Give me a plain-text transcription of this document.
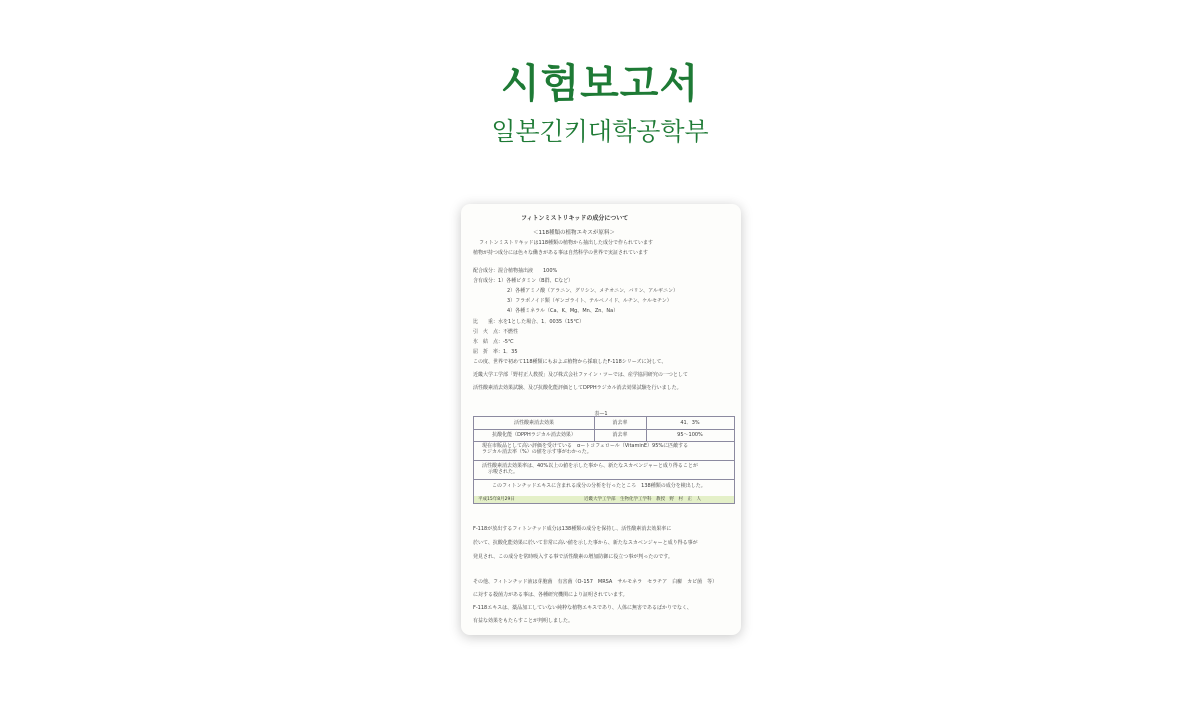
시험보고서
일본긴키대학공학부
フィトンミストリキッドの成分について
＜118種類の植物エキスが原料＞
フィトンミストリキッドは118種類の植物から抽出した成分で作られています
植物が持つ成分には色々な働きがある事は自然科学の世界で実証されています
配合成分：混合植物抽出液　　100%
含有成分：1）各種ビタミン（B群、Cなど）
2）各種アミノ酸（アラニン、グリシン、メチオニン、バリン、アルギニン）
3）フラボノイド類（ギンゴライト、テルペノイド、ルチン、ケルセチン）
4）各種ミネラル（Ca、K、Mg、Mn、Zn、Na）
比　　重：水を1とした場合、1．0035（15℃）
引　火　点：不燃性
氷　結　点：-5℃
屈　折　率：1．35
この度、世界で初めて118種類にもおよぶ植物から採取したF-118シリーズに対して、
近畿大学工学部「野村正人教授」及び株式会社ファイン・ツーでは、産学協同研究の一つとして
活性酸素消去効果試験、及び抗酸化能評価としてDPPHラジカル消去効果試験を行いました。
表—1
活性酸素消去効果	消去率	41．3%
抗酸化能（DPPHラジカル消去効果）	消去率	95～100%
現在市販品として高い評価を受けている　αートコフェロール（VitaminE）95%に匹敵する
ラジカル消去率（%）の値を示す事がわかった。
活性酸素消去効果率は、40%以上の値を示した事から、新たなスカベンジャーと成り得ることが
示唆された。
このフィトンチッドエキスに含まれる成分の分析を行ったところ　138種類の成分を検出した。
平成15年8月29日	近畿大学工学部　生物化学工学科　教授　野　村　正　人
F-118が放出するフィトンチッド成分は138種類の成分を保持し、活性酸素消去効果率に
於いて、抗酸化能効果に於いて非常に高い値を示した事から、新たなスカベンジャーと成り得る事が
発見され、この成分を常時吸入する事で活性酸素の増加防御に役立つ事が判ったのです。
その他、フィトンチッド液は芽胞菌　有害菌（O-157　MRSA　サルモネラ　セラチア　白癬　カビ菌　等）
に対する殺菌力がある事は、各種研究機関により証明されています。
F-118エキスは、薬品加工していない純粋な植物エキスであり、人体に無害であるばかりでなく、
有益な効果をもたらすことが判明しました。
